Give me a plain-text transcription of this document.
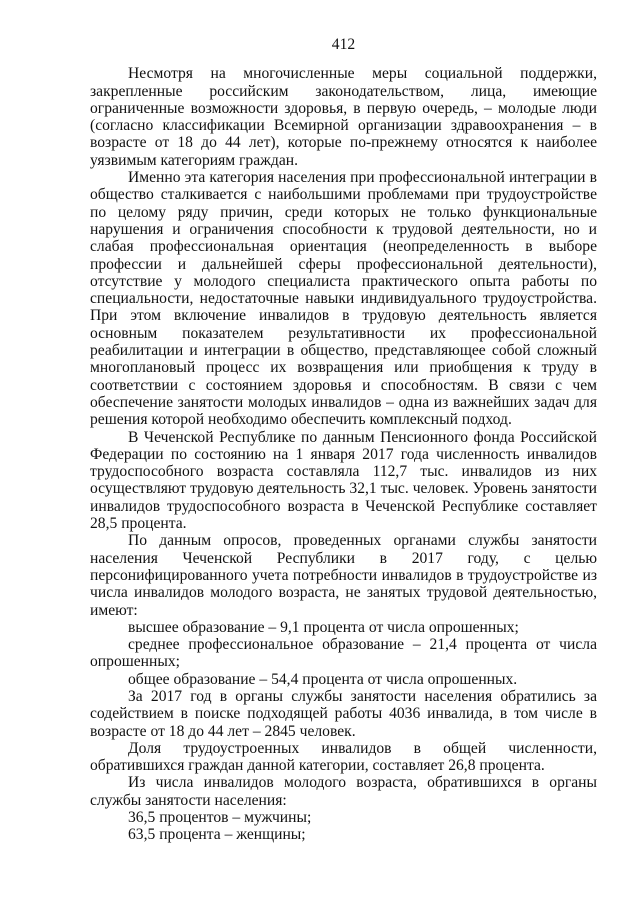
412

Несмотря на многочисленные меры социальной поддержки, закрепленные российским законодательством, лица, имеющие ограниченные возможности здоровья, в первую очередь, – молодые люди (согласно классификации Всемирной организации здравоохранения – в возрасте от 18 до 44 лет), которые по-прежнему относятся к наиболее уязвимым категориям граждан.

Именно эта категория населения при профессиональной интеграции в общество сталкивается с наибольшими проблемами при трудоустройстве по целому ряду причин, среди которых не только функциональные нарушения и ограничения способности к трудовой деятельности, но и слабая профессиональная ориентация (неопределенность в выборе профессии и дальнейшей сферы профессиональной деятельности), отсутствие у молодого специалиста практического опыта работы по специальности, недостаточные навыки индивидуального трудоустройства. При этом включение инвалидов в трудовую деятельность является основным показателем результативности их профессиональной реабилитации и интеграции в общество, представляющее собой сложный многоплановый процесс их возвращения или приобщения к труду в соответствии с состоянием здоровья и способностям. В связи с чем обеспечение занятости молодых инвалидов – одна из важнейших задач для решения которой необходимо обеспечить комплексный подход.

В Чеченской Республике по данным Пенсионного фонда Российской Федерации по состоянию на 1 января 2017 года численность инвалидов трудоспособного возраста составляла 112,7 тыс. инвалидов из них осуществляют трудовую деятельность 32,1 тыс. человек. Уровень занятости инвалидов трудоспособного возраста в Чеченской Республике составляет 28,5 процента.

По данным опросов, проведенных органами службы занятости населения Чеченской Республики в 2017 году, с целью персонифицированного учета потребности инвалидов в трудоустройстве из числа инвалидов молодого возраста, не занятых трудовой деятельностью, имеют:

высшее образование – 9,1 процента от числа опрошенных;

среднее профессиональное образование – 21,4 процента от числа опрошенных;

общее образование – 54,4 процента от числа опрошенных.

За 2017 год в органы службы занятости населения обратились за содействием в поиске подходящей работы 4036 инвалида, в том числе в возрасте от 18 до 44 лет – 2845 человек.

Доля трудоустроенных инвалидов в общей численности, обратившихся граждан данной категории, составляет 26,8 процента.

Из числа инвалидов молодого возраста, обратившихся в органы службы занятости населения:

36,5 процентов – мужчины;

63,5 процента – женщины;
